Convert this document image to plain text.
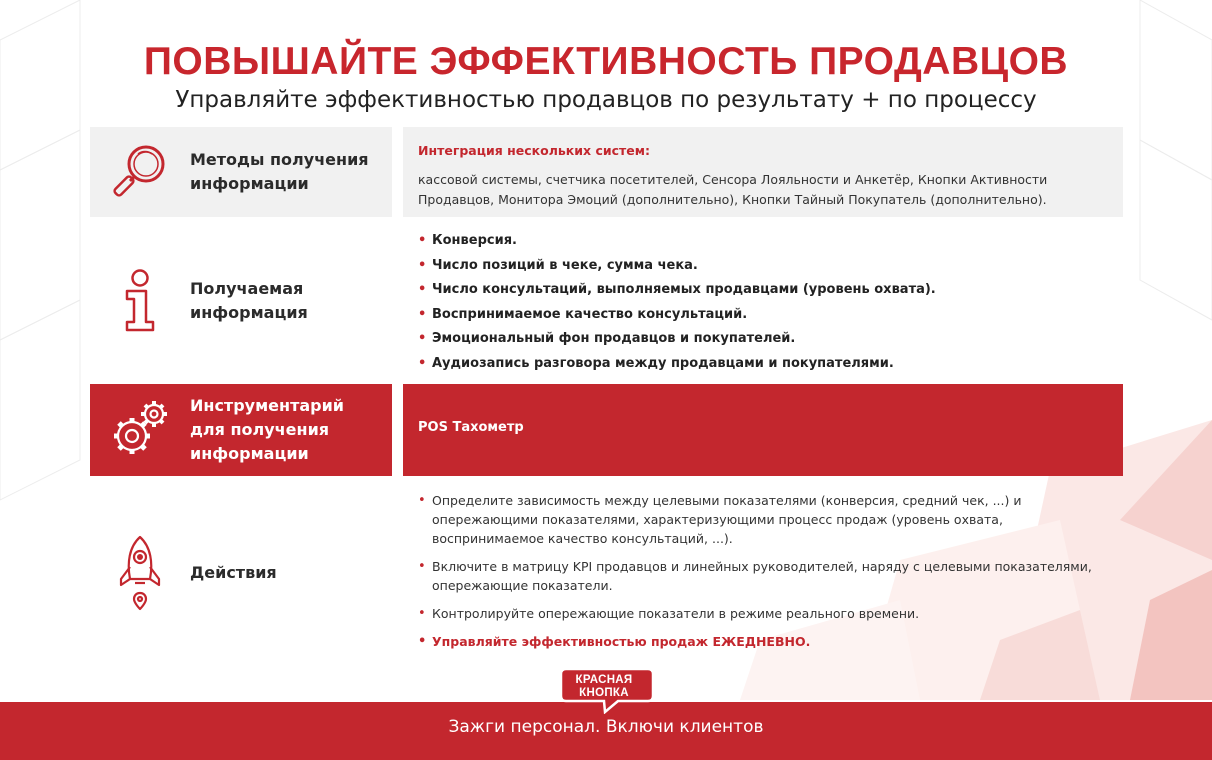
ПОВЫШАЙТЕ ЭФФЕКТИВНОСТЬ ПРОДАВЦОВ
Управляйте эффективностью продавцов по результату + по процессу
Методы получения
информации
Интеграция нескольких систем:
кассовой системы, счетчика посетителей, Сенсора Лояльности и Анкетёр, Кнопки Активности
Продавцов, Монитора Эмоций (дополнительно), Кнопки Тайный Покупатель (дополнительно).
Получаемая
информация
• Конверсия.
• Число позиций в чеке, сумма чека.
• Число консультаций, выполняемых продавцами (уровень охвата).
• Воспринимаемое качество консультаций.
• Эмоциональный фон продавцов и покупателей.
• Аудиозапись разговора между продавцами и покупателями.
Инструментарий
для получения
информации
POS Тахометр
Действия
• Определите зависимость между целевыми показателями (конверсия, средний чек, ...) и
опережающими показателями, характеризующими процесс продаж (уровень охвата,
воспринимаемое качество консультаций, ...).
• Включите в матрицу KPI продавцов и линейных руководителей, наряду с целевыми показателями,
опережающие показатели.
• Контролируйте опережающие показатели в режиме реального времени.
• Управляйте эффективностью продаж ЕЖЕДНЕВНО.
КРАСНАЯ
КНОПКА
Зажги персонал. Включи клиентов
